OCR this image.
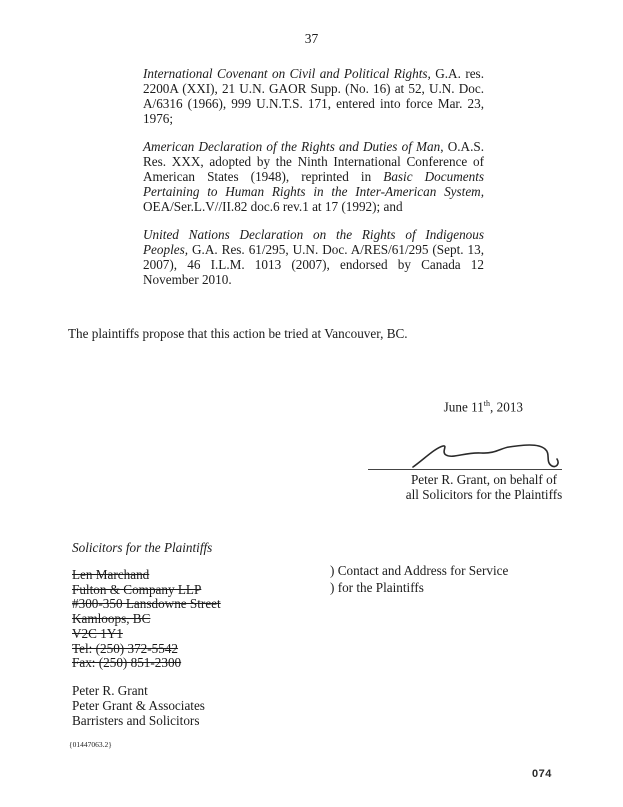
37

International Covenant on Civil and Political Rights, G.A. res. 2200A (XXI), 21 U.N. GAOR Supp. (No. 16) at 52, U.N. Doc. A/6316 (1966), 999 U.N.T.S. 171, entered into force Mar. 23, 1976;

American Declaration of the Rights and Duties of Man, O.A.S. Res. XXX, adopted by the Ninth International Conference of American States (1948), reprinted in Basic Documents Pertaining to Human Rights in the Inter-American System, OEA/Ser.L.V//II.82 doc.6 rev.1 at 17 (1992); and

United Nations Declaration on the Rights of Indigenous Peoples, G.A. Res. 61/295, U.N. Doc. A/RES/61/295 (Sept. 13, 2007), 46 I.L.M. 1013 (2007), endorsed by Canada 12 November 2010.

The plaintiffs propose that this action be tried at Vancouver, BC.
June 11th, 2013
Peter R. Grant, on behalf of
all Solicitors for the Plaintiffs
Solicitors for the Plaintiffs
Len Marchand
Fulton & Company LLP
#300-350 Lansdowne Street
Kamloops, BC
V2C 1Y1
Tel: (250) 372-5542
Fax: (250) 851-2300
) Contact and Address for Service
) for the Plaintiffs
Peter R. Grant
Peter Grant & Associates
Barristers and Solicitors
{01447063.2}
074
